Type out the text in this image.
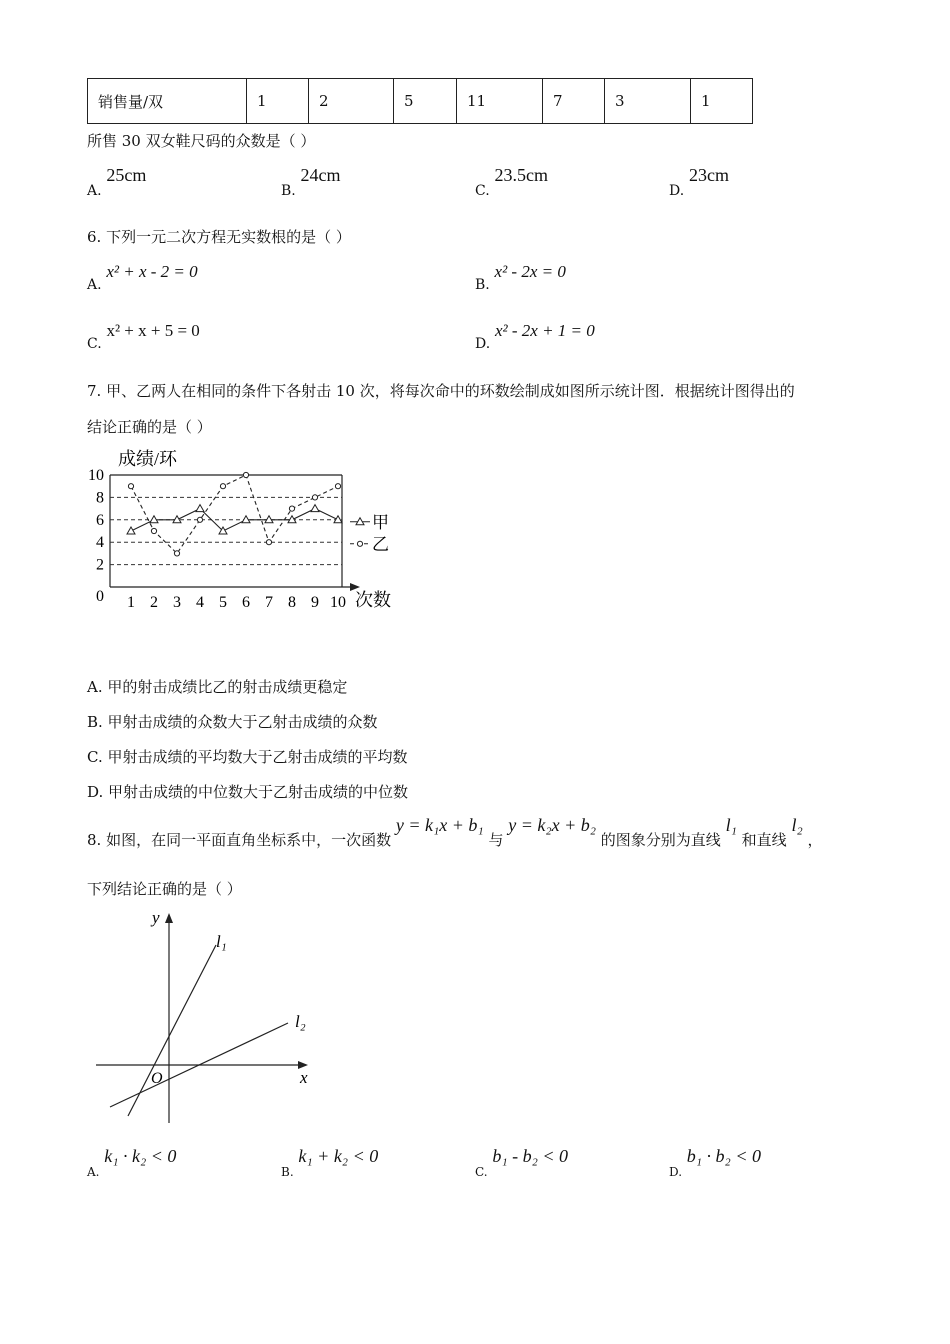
销售量/双	1	2	5	11	7	3	1
所售 30 双女鞋尺码的众数是（ ）
A. 25cm
B. 24cm
C. 23.5cm
D. 23cm
6. 下列一元二次方程无实数根的是（ ）
A. x² + x - 2 = 0
B. x² - 2x = 0
C. x² + x + 5 = 0
D. x² - 2x + 1 = 0
7. 甲、乙两人在相同的条件下各射击 10 次，将每次命中的环数绘制成如图所示统计图．根据统计图得出的
结论正确的是（ ）
成绩/环
次数
0
2
4
6
8
10
1 2 3 4 5 6 7 8 9 10
甲
乙
A. 甲的射击成绩比乙的射击成绩更稳定
B. 甲射击成绩的众数大于乙射击成绩的众数
C. 甲射击成绩的平均数大于乙射击成绩的平均数
D. 甲射击成绩的中位数大于乙射击成绩的中位数
8. 如图，在同一平面直角坐标系中，一次函数 y = k₁x + b₁ 与 y = k₂x + b₂ 的图象分别为直线 l₁ 和直线 l₂ ，
下列结论正确的是（ ）
y
x
O
l₁
l₂
$_{A.}$ k₁ · k₂ < 0
$_{B.}$ k₁ + k₂ < 0
$_{C.}$ b₁ - b₂ < 0
$_{D.}$ b₁ · b₂ < 0
